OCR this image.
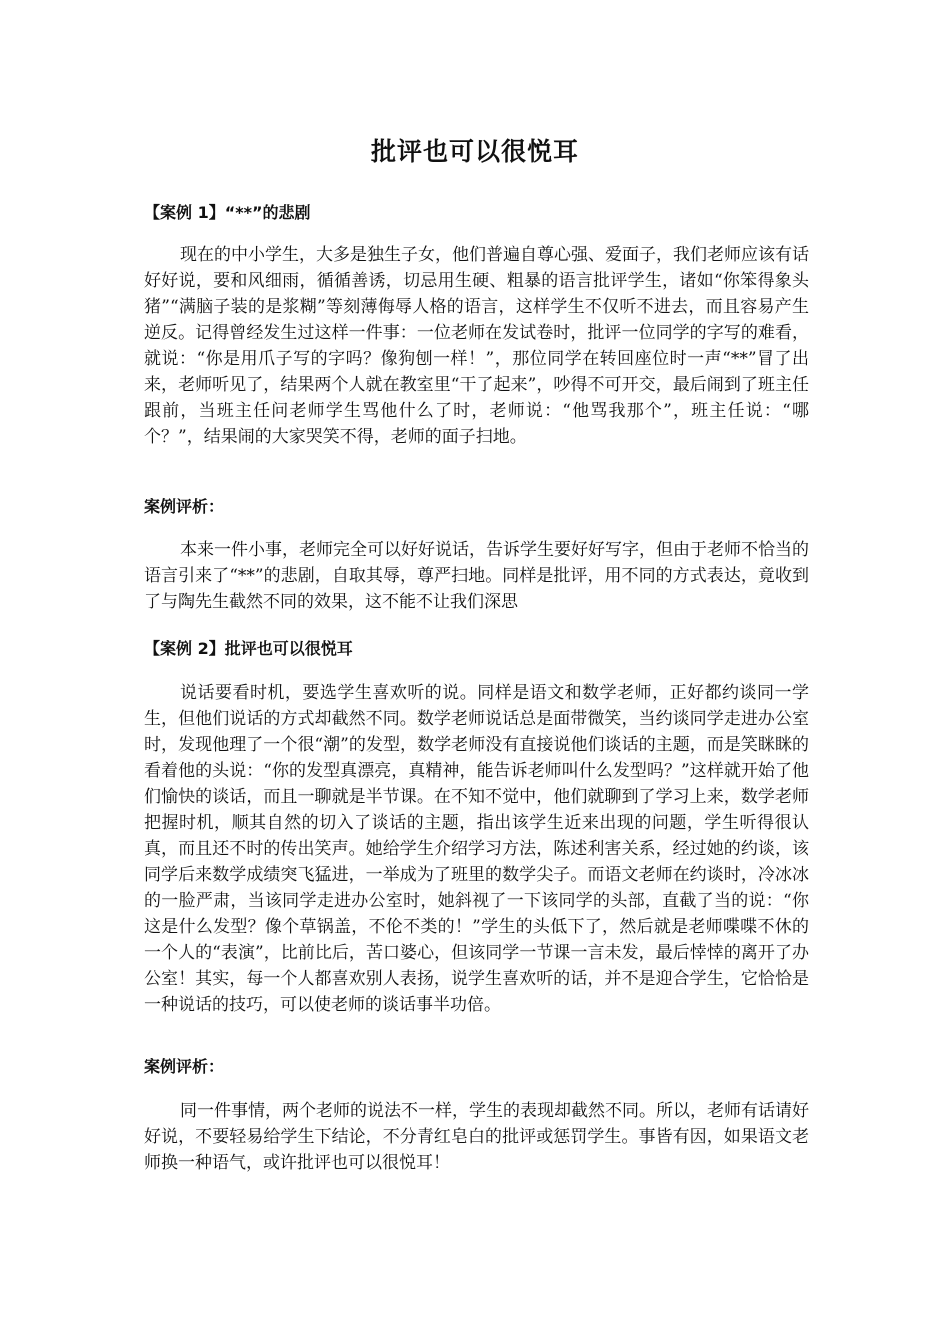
批评也可以很悦耳
【案例 1】“**”的悲剧

现在的中小学生，大多是独生子女，他们普遍自尊心强、爱面子，我们老师应该有话好好说，要和风细雨，循循善诱，切忌用生硬、粗暴的语言批评学生，诸如“你笨得象头猪”“满脑子装的是浆糊”等刻薄侮辱人格的语言，这样学生不仅听不进去，而且容易产生逆反。记得曾经发生过这样一件事：一位老师在发试卷时，批评一位同学的字写的难看，就说：“你是用爪子写的字吗？像狗刨一样！”，那位同学在转回座位时一声“**”冒了出来，老师听见了，结果两个人就在教室里“干了起来”，吵得不可开交，最后闹到了班主任跟前，当班主任问老师学生骂他什么了时，老师说：“他骂我那个”，班主任说：“哪个？”，结果闹的大家哭笑不得，老师的面子扫地。

案例评析：

本来一件小事，老师完全可以好好说话，告诉学生要好好写字，但由于老师不恰当的语言引来了“**”的悲剧，自取其辱，尊严扫地。同样是批评，用不同的方式表达，竟收到了与陶先生截然不同的效果，这不能不让我们深思

【案例 2】批评也可以很悦耳

说话要看时机，要选学生喜欢听的说。同样是语文和数学老师，正好都约谈同一学生，但他们说话的方式却截然不同。数学老师说话总是面带微笑，当约谈同学走进办公室时，发现他理了一个很“潮”的发型，数学老师没有直接说他们谈话的主题，而是笑眯眯的看着他的头说：“你的发型真漂亮，真精神，能告诉老师叫什么发型吗？”这样就开始了他们愉快的谈话，而且一聊就是半节课。在不知不觉中，他们就聊到了学习上来，数学老师把握时机，顺其自然的切入了谈话的主题，指出该学生近来出现的问题，学生听得很认真，而且还不时的传出笑声。她给学生介绍学习方法，陈述利害关系，经过她的约谈，该同学后来数学成绩突飞猛进，一举成为了班里的数学尖子。而语文老师在约谈时，冷冰冰的一脸严肃，当该同学走进办公室时，她斜视了一下该同学的头部，直截了当的说：“你这是什么发型？像个草锅盖，不伦不类的！”学生的头低下了，然后就是老师喋喋不休的一个人的“表演”，比前比后，苦口婆心，但该同学一节课一言未发，最后悻悻的离开了办公室！其实，每一个人都喜欢别人表扬，说学生喜欢听的话，并不是迎合学生，它恰恰是一种说话的技巧，可以使老师的谈话事半功倍。

案例评析：

同一件事情，两个老师的说法不一样，学生的表现却截然不同。所以，老师有话请好好说，不要轻易给学生下结论，不分青红皂白的批评或惩罚学生。事皆有因，如果语文老师换一种语气，或许批评也可以很悦耳！
